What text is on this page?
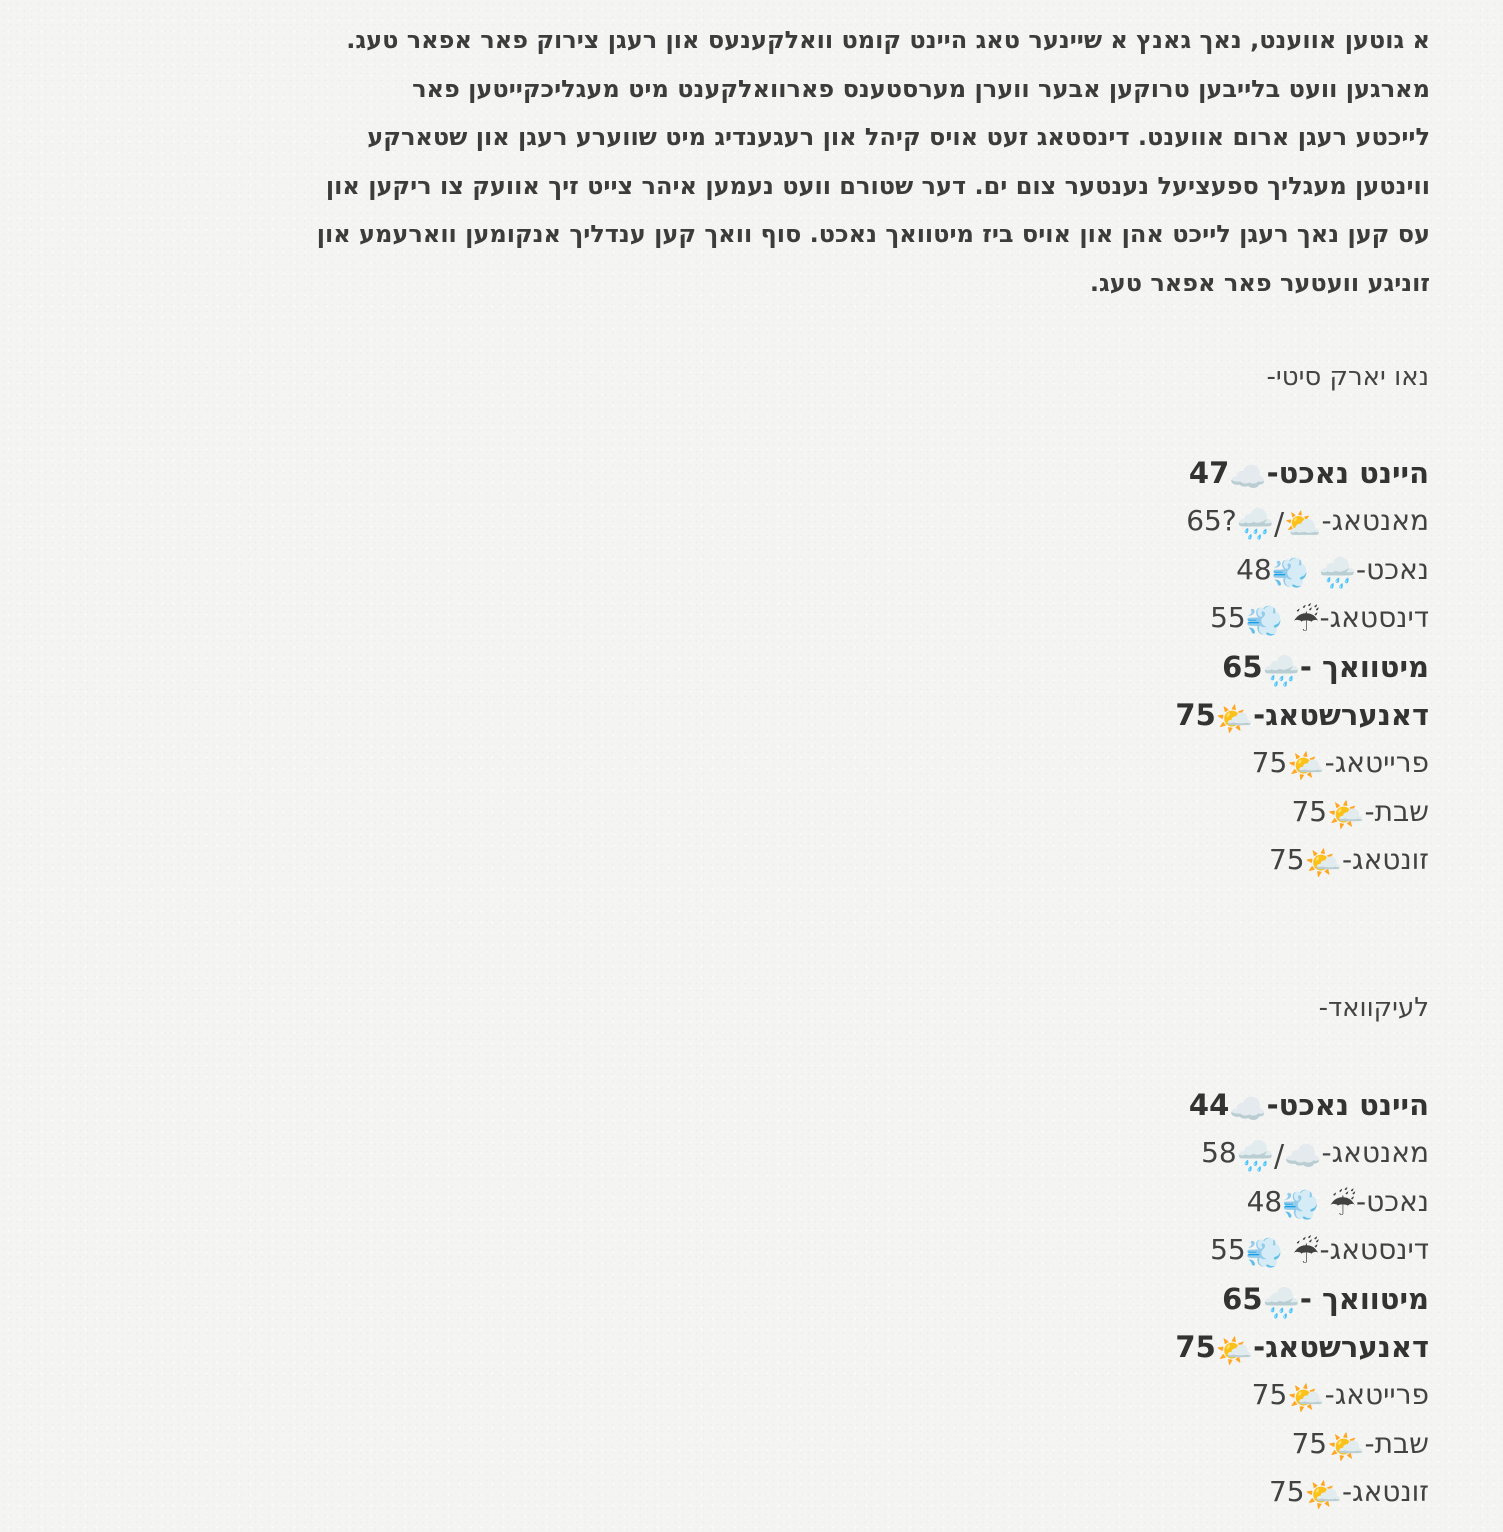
א גוטען אווענט, נאך גאנץ א שיינער טאג היינט קומט וואלקענעס און רעגן צירוק פאר אפאר טעג.

מארגען וועט בלייבען טרוקען אבער ווערן מערסטענס פארוואלקענט מיט מעגליכקייטען פאר

לייכטע רעגן ארום אווענט. דינסטאג זעט אויס קיהל און רעגענדיג מיט שווערע רעגן און שטארקע

ווינטען מעגליך ספעציעל נענטער צום ים. דער שטורם וועט נעמען איהר צייט זיך אוועק צו ריקען און

עס קען נאך רעגן לייכט אהן און אויס ביז מיטוואך נאכט. סוף וואך קען ענדליך אנקומען ווארעמע און

זוניגע וועטער פאר אפאר טעג.

נאו יארק סיטי-
היינט נאכט-☁️47
מאנטאג-⛅/🌧️?65
נאכט-🌧️ 💨48
דינסטאג-☔ 💨55
מיטוואך -🌧️65
דאנערשטאג-🌤️75
פרייטאג-🌤️75
שבת-🌤️75
זונטאג-🌤️75
לעיקוואד-
היינט נאכט-☁️44
מאנטאג-☁️/🌧️58
נאכט-☔ 💨48
דינסטאג-☔ 💨55
מיטוואך -🌧️65
דאנערשטאג-🌤️75
פרייטאג-🌤️75
שבת-🌤️75
זונטאג-🌤️75
